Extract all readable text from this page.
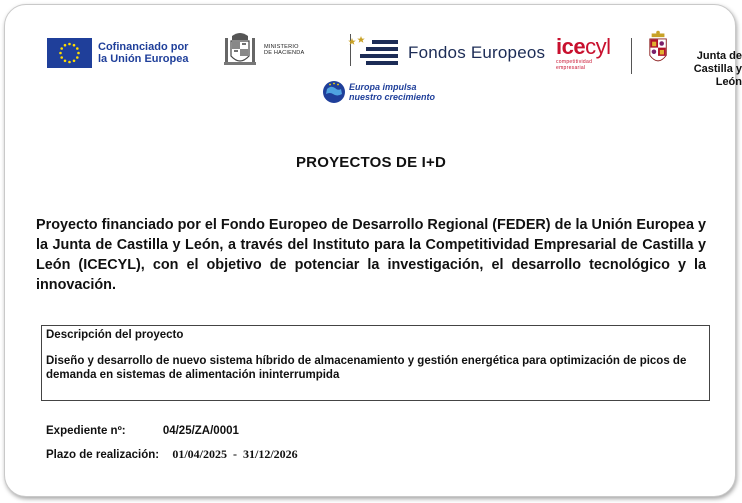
Cofinanciado por
la Unión Europea
MINISTERIO
DE HACIENDA	Fondos Europeos icecyl
competitividad
empresarial
Junta de
Castilla y León
Europa impulsa
nuestro crecimiento
PROYECTOS DE I+D

Proyecto financiado por el Fondo Europeo de Desarrollo Regional (FEDER) de la Unión Europea y la Junta de Castilla y León, a través del Instituto para la Competitividad Empresarial de Castilla y León (ICECYL), con el objetivo de potenciar la investigación, el desarrollo tecnológico y la innovación.

Descripción del proyecto
Diseño y desarrollo de nuevo sistema híbrido de almacenamiento y gestión energética para optimización de picos de demanda en sistemas de alimentación ininterrumpida
Expediente nº:	04/25/ZA/0001
Plazo de realización: 01/04/2025  -  31/12/2026
